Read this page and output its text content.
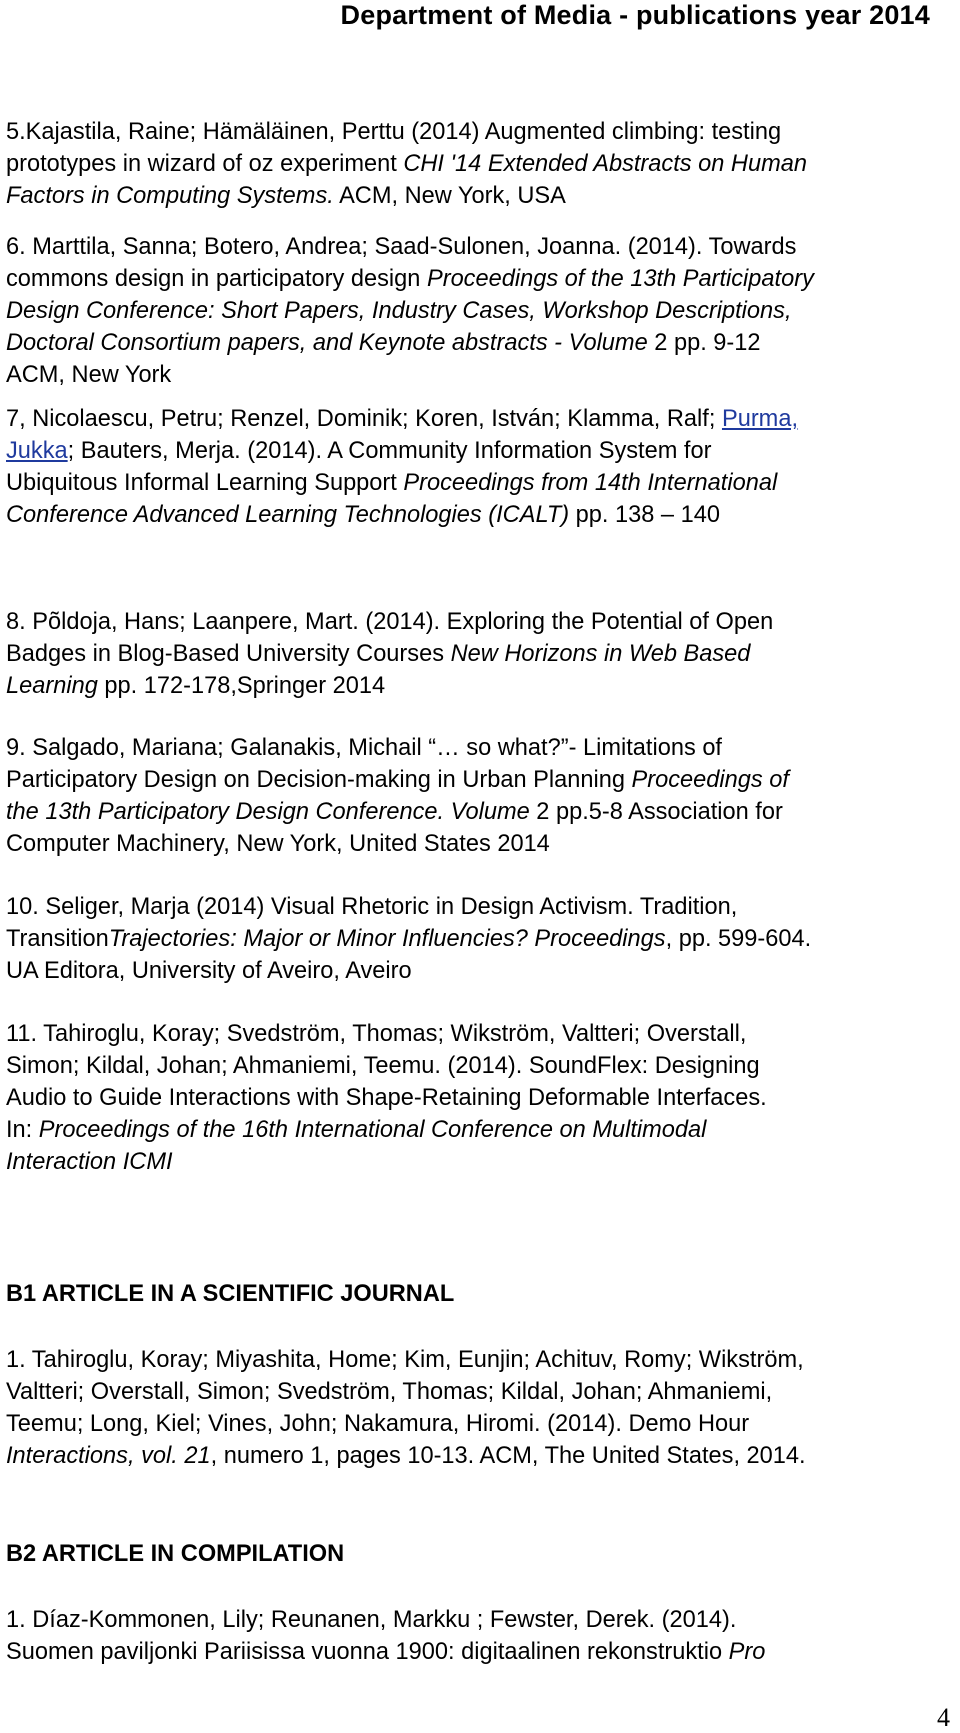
Department of Media - publications year 2014
5.Kajastila, Raine; Hämäläinen, Perttu (2014) Augmented climbing: testing
prototypes in wizard of oz experiment CHI '14 Extended Abstracts on Human
Factors in Computing Systems. ACM, New York, USA
6. Marttila, Sanna; Botero, Andrea; Saad-Sulonen, Joanna. (2014). Towards
commons design in participatory design Proceedings of the 13th Participatory
Design Conference: Short Papers, Industry Cases, Workshop Descriptions,
Doctoral Consortium papers, and Keynote abstracts - Volume 2 pp. 9-12
ACM, New York
7, Nicolaescu, Petru; Renzel, Dominik; Koren, István; Klamma, Ralf; Purma,
Jukka; Bauters, Merja. (2014). A Community Information System for
Ubiquitous Informal Learning Support Proceedings from 14th International
Conference Advanced Learning Technologies (ICALT) pp. 138 – 140
8. Põldoja, Hans; Laanpere, Mart. (2014). Exploring the Potential of Open
Badges in Blog-Based University Courses New Horizons in Web Based
Learning pp. 172-178,Springer 2014
9. Salgado, Mariana; Galanakis, Michail “… so what?”- Limitations of
Participatory Design on Decision-making in Urban Planning Proceedings of
the 13th Participatory Design Conference. Volume 2 pp.5-8 Association for
Computer Machinery, New York, United States 2014
10. Seliger, Marja (2014) Visual Rhetoric in Design Activism. Tradition,
TransitionTrajectories: Major or Minor Influencies? Proceedings, pp. 599-604.
UA Editora, University of Aveiro, Aveiro
11. Tahiroglu, Koray; Svedström, Thomas; Wikström, Valtteri; Overstall,
Simon; Kildal, Johan; Ahmaniemi, Teemu. (2014). SoundFlex: Designing
Audio to Guide Interactions with Shape-Retaining Deformable Interfaces.
In: Proceedings of the 16th International Conference on Multimodal
Interaction ICMI
B1 ARTICLE IN A SCIENTIFIC JOURNAL
1. Tahiroglu, Koray; Miyashita, Home; Kim, Eunjin; Achituv, Romy; Wikström,
Valtteri; Overstall, Simon; Svedström, Thomas; Kildal, Johan; Ahmaniemi,
Teemu; Long, Kiel; Vines, John; Nakamura, Hiromi. (2014). Demo Hour
Interactions, vol. 21, numero 1, pages 10-13. ACM, The United States, 2014.
B2 ARTICLE IN COMPILATION
1. Díaz-Kommonen, Lily; Reunanen, Markku ; Fewster, Derek. (2014).
Suomen paviljonki Pariisissa vuonna 1900: digitaalinen rekonstruktio Pro
4
